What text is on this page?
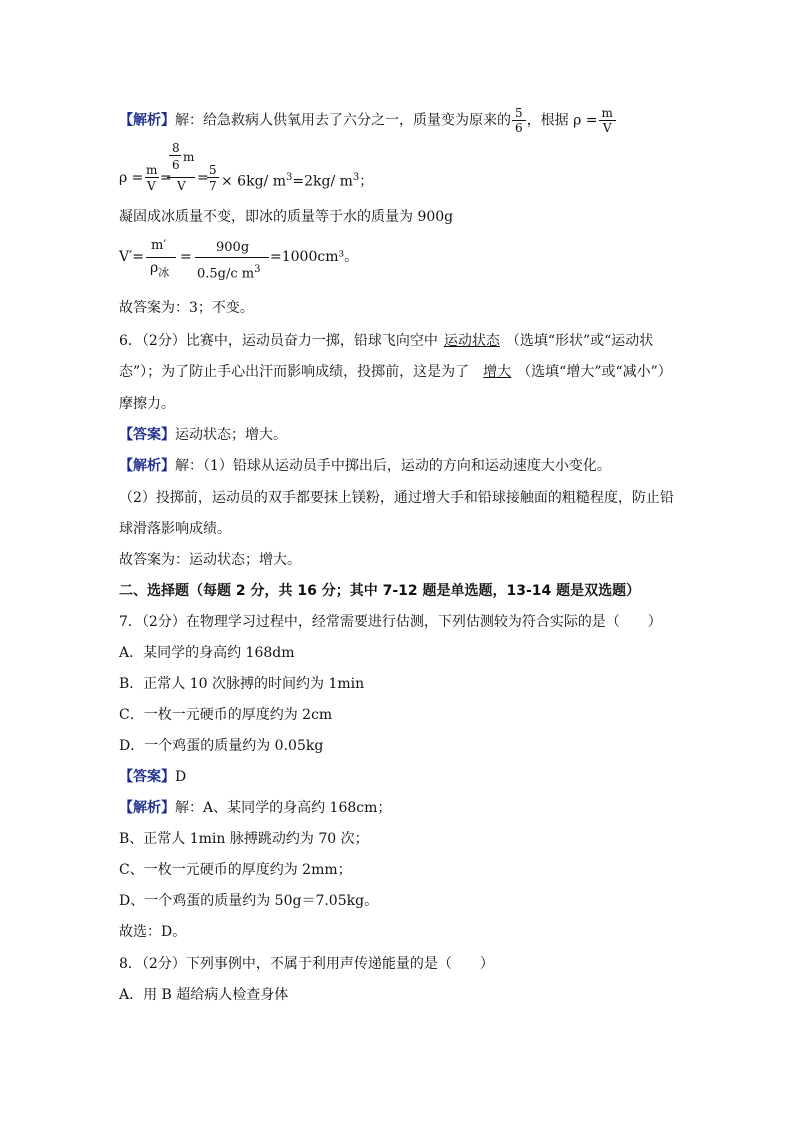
【解析】解：给急救病人供氧用去了六分之一，质量变为原来的 $\frac{5}{6}$ ，根据 $\rho = \frac{m}{V}$
ρ = m
V =
8
6
m
V = 5
7 × 6kg/ $m^3=2kg/$ $m^3$；
凝固成冰质量不变，即冰的质量等于水的质量为 900g
V′=
m′
$\rho_冰$
=
900g
0.5g/c $m^3$
=1000cm³。
故答案为：3；不变。
6．（2分）比赛中，运动员奋力一掷，铅球飞向空中 运动状态 （选填“形状”或“运动状
态”）；为了防止手心出汗而影响成绩，投掷前，这是为了 增大 （选填“增大”或“减小”）
摩擦力。
【答案】运动状态；增大。
【解析】解：（1）铅球从运动员手中掷出后，运动的方向和运动速度大小变化。
（2）投掷前，运动员的双手都要抹上镁粉，通过增大手和铅球接触面的粗糙程度，防止铅
球滑落影响成绩。
故答案为：运动状态；增大。
二、选择题（每题 2 分，共 16 分；其中 7-12 题是单选题，13-14 题是双选题）
7．（2分）在物理学习过程中，经常需要进行估测，下列估测较为符合实际的是（　　）
A．某同学的身高约 168dm
B．正常人 10 次脉搏的时间约为 1min
C．一枚一元硬币的厚度约为 2cm
D．一个鸡蛋的质量约为 0.05kg
【答案】D
【解析】解：A、某同学的身高约 168cm；
B、正常人 1min 脉搏跳动约为 70 次；
C、一枚一元硬币的厚度约为 2mm；
D、一个鸡蛋的质量约为 50g＝7.05kg。
故选：D。
8．（2分）下列事例中，不属于利用声传递能量的是（　　）
A．用 B 超给病人检查身体
